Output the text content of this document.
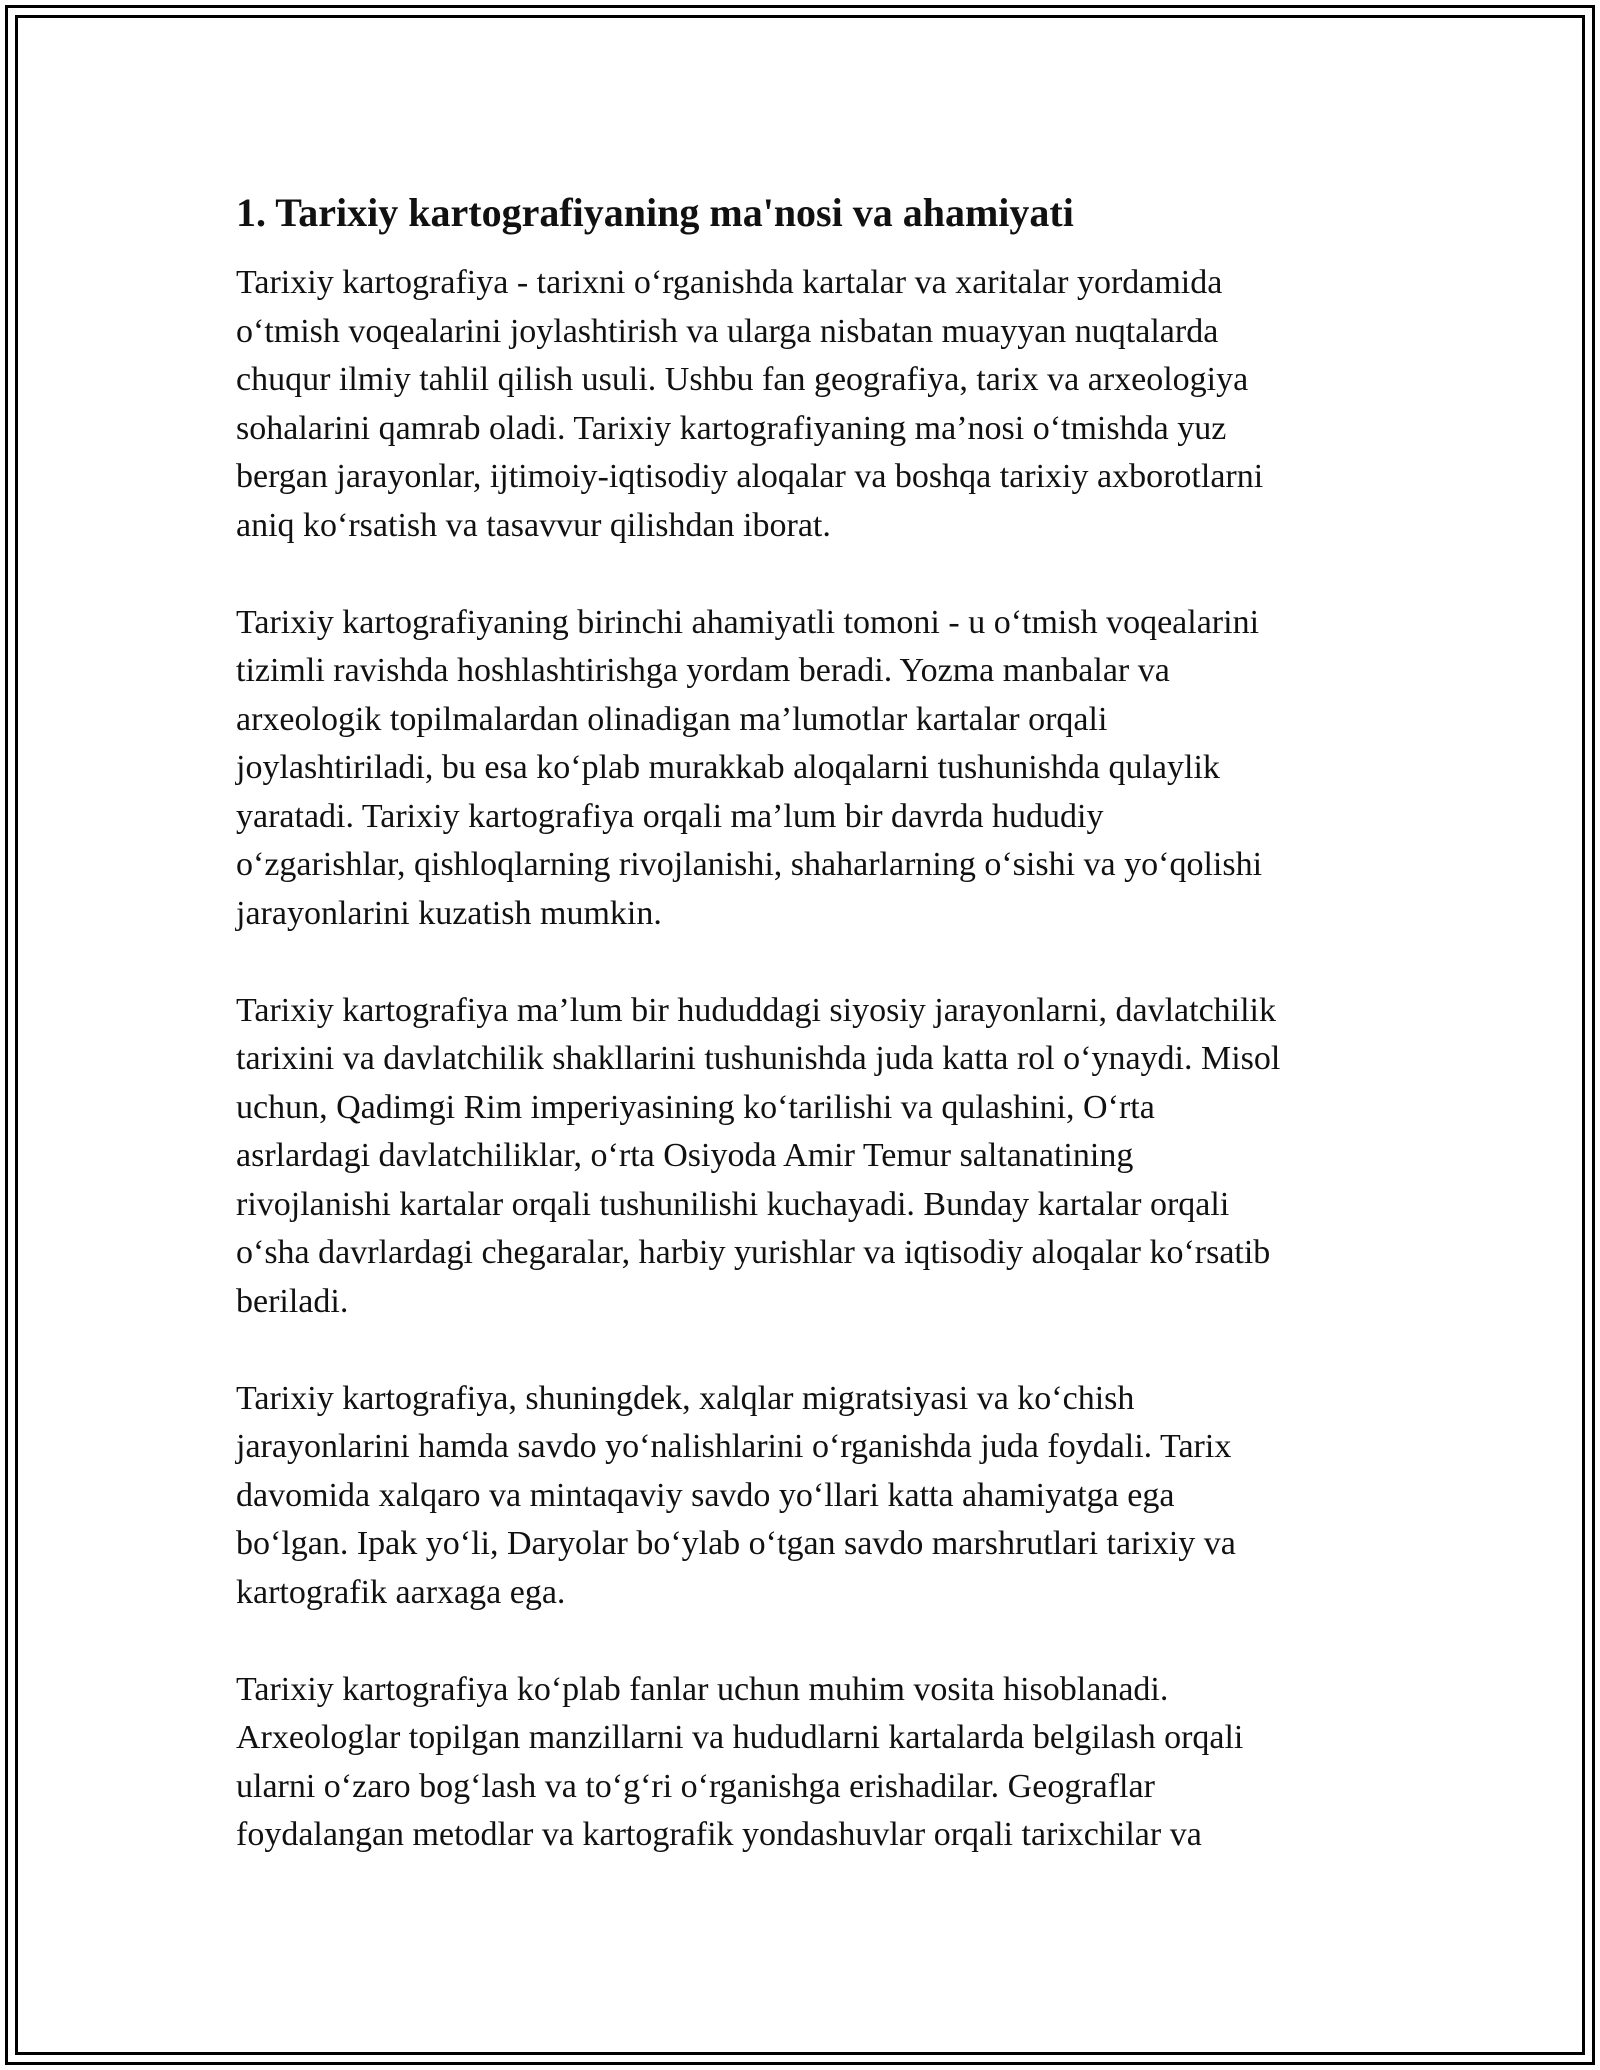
1. Tarixiy kartografiyaning ma'nosi va ahamiyati
Tarixiy kartografiya - tarixni o‘rganishda kartalar va xaritalar yordamida
o‘tmish voqealarini joylashtirish va ularga nisbatan muayyan nuqtalarda
chuqur ilmiy tahlil qilish usuli. Ushbu fan geografiya, tarix va arxeologiya
sohalarini qamrab oladi. Tarixiy kartografiyaning ma’nosi o‘tmishda yuz
bergan jarayonlar, ijtimoiy-iqtisodiy aloqalar va boshqa tarixiy axborotlarni
aniq ko‘rsatish va tasavvur qilishdan iborat.
Tarixiy kartografiyaning birinchi ahamiyatli tomoni - u o‘tmish voqealarini
tizimli ravishda hoshlashtirishga yordam beradi. Yozma manbalar va
arxeologik topilmalardan olinadigan ma’lumotlar kartalar orqali
joylashtiriladi, bu esa ko‘plab murakkab aloqalarni tushunishda qulaylik
yaratadi. Tarixiy kartografiya orqali ma’lum bir davrda hududiy
o‘zgarishlar, qishloqlarning rivojlanishi, shaharlarning o‘sishi va yo‘qolishi
jarayonlarini kuzatish mumkin.
Tarixiy kartografiya ma’lum bir hududdagi siyosiy jarayonlarni, davlatchilik
tarixini va davlatchilik shakllarini tushunishda juda katta rol o‘ynaydi. Misol
uchun, Qadimgi Rim imperiyasining ko‘tarilishi va qulashini, O‘rta
asrlardagi davlatchiliklar, o‘rta Osiyoda Amir Temur saltanatining
rivojlanishi kartalar orqali tushunilishi kuchayadi. Bunday kartalar orqali
o‘sha davrlardagi chegaralar, harbiy yurishlar va iqtisodiy aloqalar ko‘rsatib
beriladi.
Tarixiy kartografiya, shuningdek, xalqlar migratsiyasi va ko‘chish
jarayonlarini hamda savdo yo‘nalishlarini o‘rganishda juda foydali. Tarix
davomida xalqaro va mintaqaviy savdo yo‘llari katta ahamiyatga ega
bo‘lgan. Ipak yo‘li, Daryolar bo‘ylab o‘tgan savdo marshrutlari tarixiy va
kartografik aarxaga ega.
Tarixiy kartografiya ko‘plab fanlar uchun muhim vosita hisoblanadi.
Arxeologlar topilgan manzillarni va hududlarni kartalarda belgilash orqali
ularni o‘zaro bog‘lash va to‘g‘ri o‘rganishga erishadilar. Geograflar
foydalangan metodlar va kartografik yondashuvlar orqali tarixchilar va
